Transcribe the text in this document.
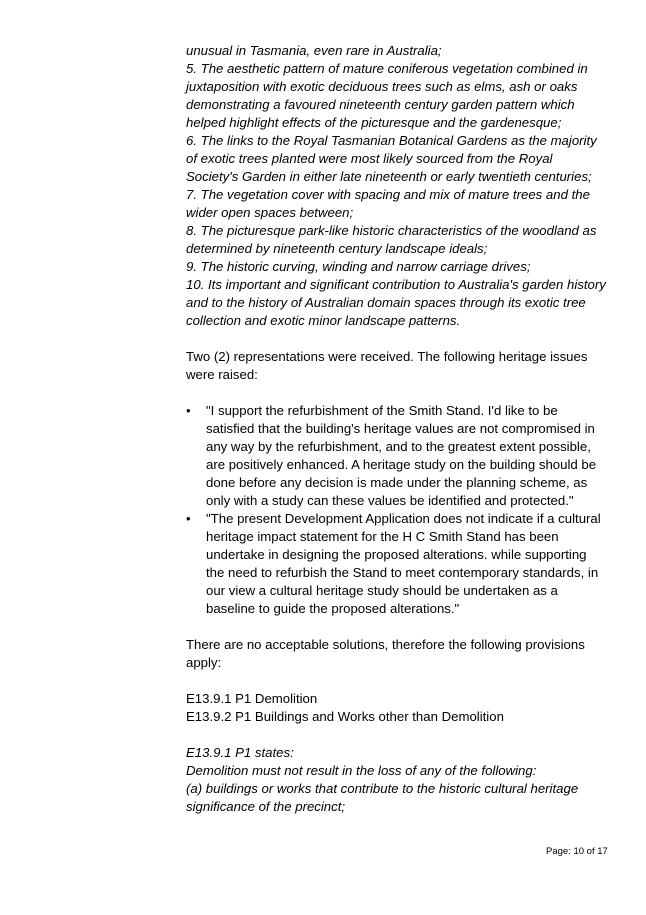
unusual in Tasmania, even rare in Australia;

5. The aesthetic pattern of mature coniferous vegetation combined in juxtaposition with exotic deciduous trees such as elms, ash or oaks demonstrating a favoured nineteenth century garden pattern which helped highlight effects of the picturesque and the gardenesque;

6. The links to the Royal Tasmanian Botanical Gardens as the majority of exotic trees planted were most likely sourced from the Royal Society's Garden in either late nineteenth or early twentieth centuries;

7. The vegetation cover with spacing and mix of mature trees and the wider open spaces between;

8. The picturesque park-like historic characteristics of the woodland as determined by nineteenth century landscape ideals;

9. The historic curving, winding and narrow carriage drives;

10. Its important and significant contribution to Australia's garden history and to the history of Australian domain spaces through its exotic tree collection and exotic minor landscape patterns.

Two (2) representations were received. The following heritage issues were raised:

• "I support the refurbishment of the Smith Stand. I'd like to be satisfied that the building's heritage values are not compromised in any way by the refurbishment, and to the greatest extent possible, are positively enhanced. A heritage study on the building should be done before any decision is made under the planning scheme, as only with a study can these values be identified and protected."
• "The present Development Application does not indicate if a cultural heritage impact statement for the H C Smith Stand has been undertake in designing the proposed alterations. while supporting the need to refurbish the Stand to meet contemporary standards, in our view a cultural heritage study should be undertaken as a baseline to guide the proposed alterations."

There are no acceptable solutions, therefore the following provisions apply:

E13.9.1 P1 Demolition

E13.9.2 P1 Buildings and Works other than Demolition

E13.9.1 P1 states:

Demolition must not result in the loss of any of the following:

(a) buildings or works that contribute to the historic cultural heritage significance of the precinct;

Page: 10 of 17
